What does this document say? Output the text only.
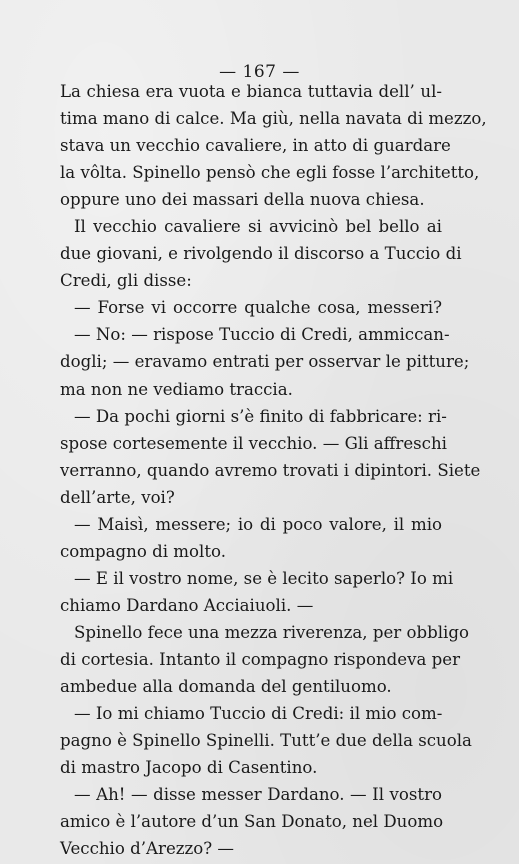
— 167 —
La chiesa era vuota e bianca tuttavia dell’ ul-
tima mano di calce. Ma giù, nella navata di mezzo,
stava un vecchio cavaliere, in atto di guardare
la vôlta. Spinello pensò che egli fosse l’architetto,
oppure uno dei massari della nuova chiesa.
Il vecchio cavaliere si avvicinò bel bello ai
due giovani, e rivolgendo il discorso a Tuccio di
Credi, gli disse:
— Forse vi occorre qualche cosa, messeri?
— No: — rispose Tuccio di Credi, ammiccan-
dogli; — eravamo entrati per osservar le pitture;
ma non ne vediamo traccia.
— Da pochi giorni s’è finito di fabbricare: ri-
spose cortesemente il vecchio. — Gli affreschi
verranno, quando avremo trovati i dipintori. Siete
dell’arte, voi?
— Maisì, messere; io di poco valore, il mio
compagno di molto.
— E il vostro nome, se è lecito saperlo? Io mi
chiamo Dardano Acciaiuoli. —
Spinello fece una mezza riverenza, per obbligo
di cortesia. Intanto il compagno rispondeva per
ambedue alla domanda del gentiluomo.
— Io mi chiamo Tuccio di Credi: il mio com-
pagno è Spinello Spinelli. Tutt’e due della scuola
di mastro Jacopo di Casentino.
— Ah! — disse messer Dardano. — Il vostro
amico è l’autore d’un San Donato, nel Duomo
Vecchio d’Arezzo? —
